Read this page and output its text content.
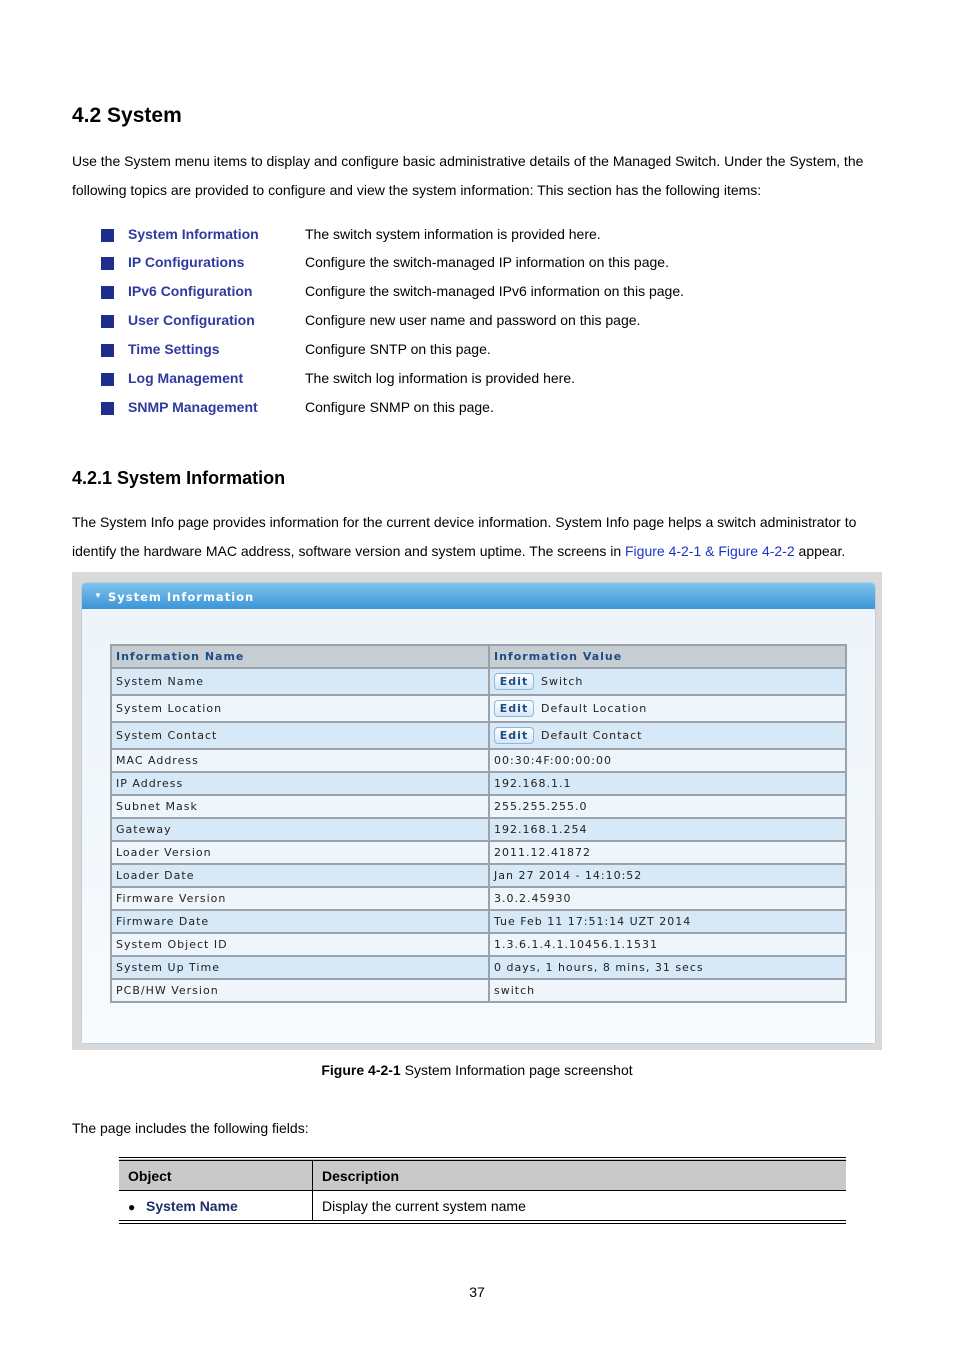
4.2 System

Use the System menu items to display and configure basic administrative details of the Managed Switch. Under the System, the following topics are provided to configure and view the system information: This section has the following items:

System Information	The switch system information is provided here.
IP Configurations	Configure the switch-managed IP information on this page.
IPv6 Configuration	Configure the switch-managed IPv6 information on this page.
User Configuration	Configure new user name and password on this page.
Time Settings	Configure SNTP on this page.
Log Management	The switch log information is provided here.
SNMP Management	Configure SNMP on this page.
4.2.1 System Information

The System Info page provides information for the current device information. System Info page helps a switch administrator to identify the hardware MAC address, software version and system uptime. The screens in Figure 4-2-1 & Figure 4-2-2 appear.

▼ System Information
Information Name	Information Value
System Name	Edit Switch
System Location	Edit Default Location
System Contact	Edit Default Contact
MAC Address	00:30:4F:00:00:00
IP Address	192.168.1.1
Subnet Mask	255.255.255.0
Gateway	192.168.1.254
Loader Version	2011.12.41872
Loader Date	Jan 27 2014 - 14:10:52
Firmware Version	3.0.2.45930
Firmware Date	Tue Feb 11 17:51:14 UZT 2014
System Object ID	1.3.6.1.4.1.10456.1.1531
System Up Time	0 days, 1 hours, 8 mins, 31 secs
PCB/HW Version	switch
Figure 4-2-1 System Information page screenshot

The page includes the following fields:

Object	Description
● System Name	Display the current system name
37
